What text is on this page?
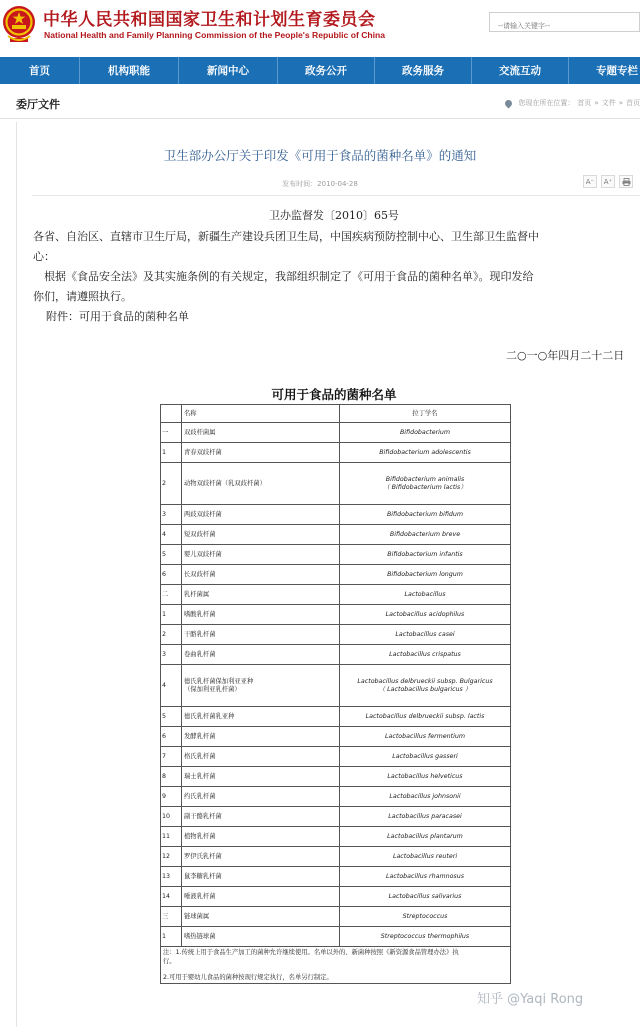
中华人民共和国国家卫生和计划生育委员会
National Health and Family Planning Commission of the People's Republic of China
--请输入关键字--
首页	机构职能	新闻中心	政务公开	政务服务	交流互动	专题专栏
委厅文件	您现在所在位置： 首页 » 文件 » 首页
卫生部办公厅关于印发《可用于食品的菌种名单》的通知
发布时间：2010-04-28	A⁻	A⁺
卫办监督发〔2010〕65号
各省、自治区、直辖市卫生厅局，新疆生产建设兵团卫生局，中国疾病预防控制中心、卫生部卫生监督中
心：
根据《食品安全法》及其实施条例的有关规定，我部组织制定了《可用于食品的菌种名单》。现印发给
你们，请遵照执行。
附件：可用于食品的菌种名单
二○一○年四月二十二日
可用于食品的菌种名单
	名称	拉丁学名
一	双歧杆菌属	Bifidobacterium
1	青春双歧杆菌	Bifidobacterium adolescentis
2	动物双歧杆菌（乳双歧杆菌）	Bifidobacterium animalis
（ Bifidobacterium lactis）

3	两歧双歧杆菌	Bifidobacterium bifidum
4	短双歧杆菌	Bifidobacterium breve
5	婴儿双歧杆菌	Bifidobacterium infantis
6	长双歧杆菌	Bifidobacterium longum
二	乳杆菌属	Lactobacillus
1	嗜酸乳杆菌	Lactobacillus acidophilus
2	干酪乳杆菌	Lactobacillus casei
3	卷曲乳杆菌	Lactobacillus crispatus
4	德氏乳杆菌保加利亚亚种
（保加利亚乳杆菌）	Lactobacillus delbrueckii subsp. Bulgaricus
（ Lactobacillus bulgaricus ）

5	德氏乳杆菌乳亚种	Lactobacillus delbrueckii subsp. lactis
6	发酵乳杆菌	Lactobacillus fermentium
7	格氏乳杆菌	Lactobacillus gasseri
8	瑞士乳杆菌	Lactobacillus helveticus
9	约氏乳杆菌	Lactobacillus johnsonii
10	副干酪乳杆菌	Lactobacillus paracasei
11	植物乳杆菌	Lactobacillus plantarum
12	罗伊氏乳杆菌	Lactobacillus reuteri
13	鼠李糖乳杆菌	Lactobacillus rhamnosus
14	唾液乳杆菌	Lactobacillus salivarius
三	链球菌属	Streptococcus
1	嗜热链球菌	Streptococcus thermophilus

注：1.传统上用于食品生产加工的菌种允许继续使用。名单以外的、新菌种按照《新资源食品管理办法》执
行。
2.可用于婴幼儿食品的菌种按现行规定执行，名单另行制定。		
知乎 @Yaqi Rong
